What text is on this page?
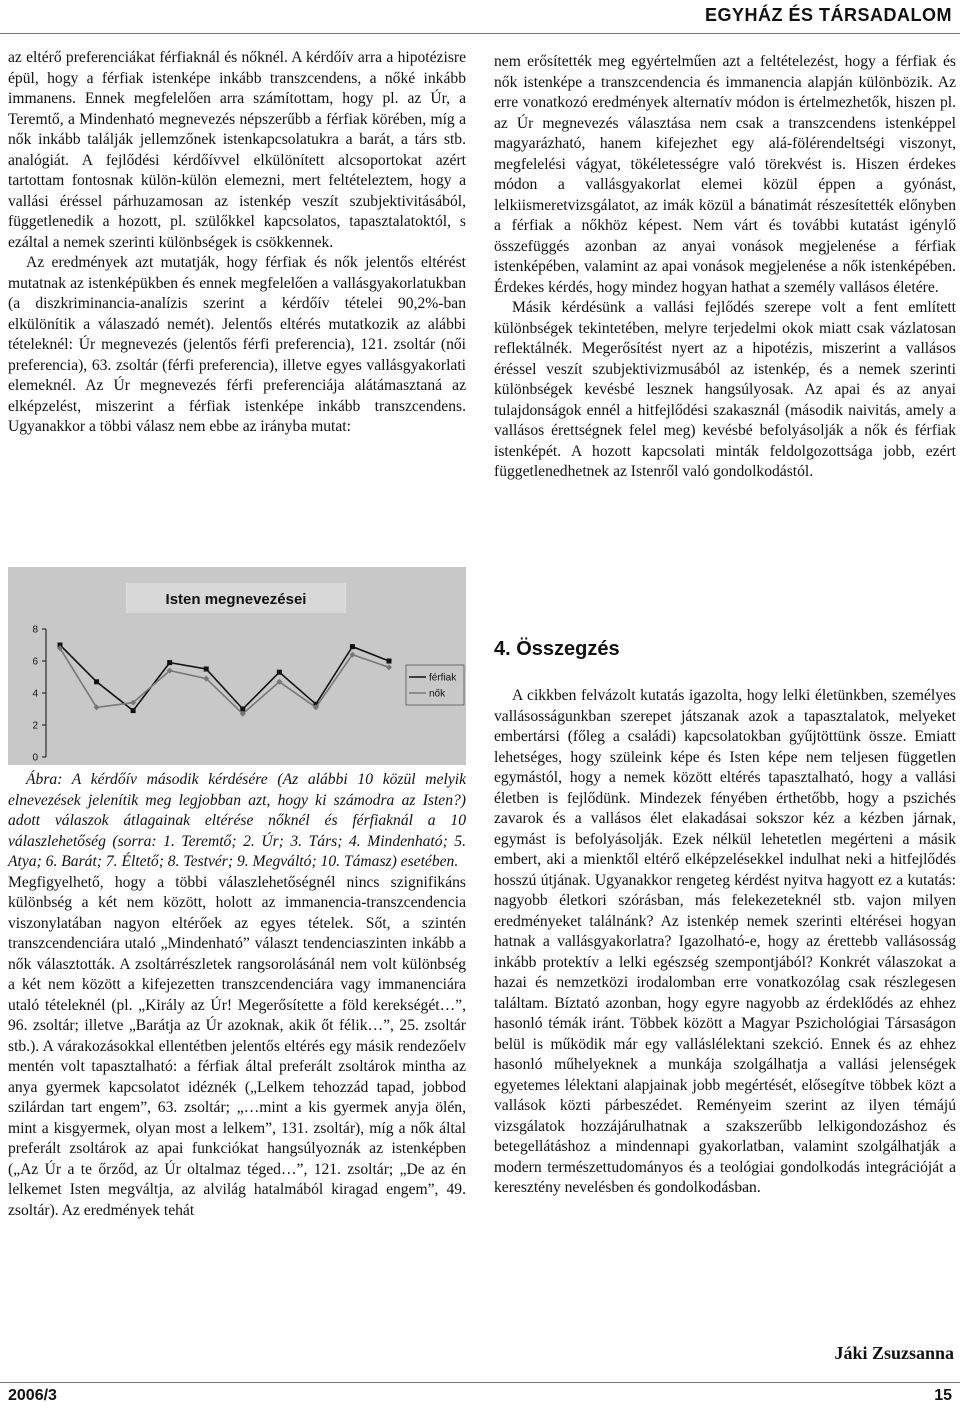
EGYHÁZ ÉS TÁRSADALOM

az eltérő preferenciákat férfiaknál és nőknél. A kérdőív arra a hipotézisre épül, hogy a férfiak istenképe inkább transzcendens, a nőké inkább immanens. Ennek megfelelően arra számítottam, hogy pl. az Úr, a Teremtő, a Mindenható megnevezés népszerűbb a férfiak körében, míg a nők inkább találják jellemzőnek istenkapcsolatukra a barát, a társ stb. analógiát. A fejlődési kérdőívvel elkülönített alcsoportokat azért tartottam fontosnak külön-külön elemezni, mert feltételeztem, hogy a vallási éréssel párhuzamosan az istenkép veszít szubjektivitásából, függetlenedik a hozott, pl. szülőkkel kapcsolatos, tapasztalatoktól, s ezáltal a nemek szerinti különbségek is csökkennek.

Az eredmények azt mutatják, hogy férfiak és nők jelentős eltérést mutatnak az istenképükben és ennek megfelelően a vallásgyakorlatukban (a diszkriminancia-analízis szerint a kérdőív tételei 90,2%-ban elkülönítik a válaszadó nemét). Jelentős eltérés mutatkozik az alábbi tételeknél: Úr megnevezés (jelentős férfi preferencia), 121. zsoltár (női preferencia), 63. zsoltár (férfi preferencia), illetve egyes vallásgyakorlati elemeknél. Az Úr megnevezés férfi preferenciája alátámasztaná az elképzelést, miszerint a férfiak istenképe inkább transzcendens. Ugyanakkor a többi válasz nem ebbe az irányba mutat:

Isten megnevezései
0
2
4
6
8
férfiak
nők

Ábra: A kérdőív második kérdésére (Az alábbi 10 közül melyik elnevezések jelenítik meg legjobban azt, hogy ki számodra az Isten?) adott válaszok átlagainak eltérése nőknél és férfiaknál a 10 válaszlehetőség (sorra: 1. Teremtő; 2. Úr; 3. Társ; 4. Mindenható; 5. Atya; 6. Barát; 7. Éltető; 8. Testvér; 9. Megváltó; 10. Támasz) esetében.

Megfigyelhető, hogy a többi válaszlehetőségnél nincs szignifikáns különbség a két nem között, holott az immanencia-transzcendencia viszonylatában nagyon eltérőek az egyes tételek. Sőt, a szintén transzcendenciára utaló „Mindenható” választ tendenciaszinten inkább a nők választották. A zsoltárrészletek rangsorolásánál nem volt különbség a két nem között a kifejezetten transzcendenciára vagy immanenciára utaló tételeknél (pl. „Király az Úr! Megerősítette a föld kerekségét…”, 96. zsoltár; illetve „Barátja az Úr azoknak, akik őt félik…”, 25. zsoltár stb.). A várakozásokkal ellentétben jelentős eltérés egy másik rendezőelv mentén volt tapasztalható: a férfiak által preferált zsoltárok mintha az anya gyermek kapcsolatot idéznék („Lelkem tehozzád tapad, jobbod szilárdan tart engem”, 63. zsoltár; „…mint a kis gyermek anyja ölén, mint a kisgyermek, olyan most a lelkem”, 131. zsoltár), míg a nők által preferált zsoltárok az apai funkciókat hangsúlyoznák az istenképben („Az Úr a te őrződ, az Úr oltalmaz téged…”, 121. zsoltár; „De az én lelkemet Isten megváltja, az alvilág hatalmából kiragad engem”, 49. zsoltár). Az eredmények tehát

nem erősítették meg egyértelműen azt a feltételezést, hogy a férfiak és nők istenképe a transzcendencia és immanencia alapján különbözik. Az erre vonatkozó eredmények alternatív módon is értelmezhetők, hiszen pl. az Úr megnevezés választása nem csak a transzcendens istenképpel magyarázható, hanem kifejezhet egy alá-fölérendeltségi viszonyt, megfelelési vágyat, tökéletességre való törekvést is. Hiszen érdekes módon a vallásgyakorlat elemei közül éppen a gyónást, lelkiismeretvizsgálatot, az imák közül a bánatimát részesítették előnyben a férfiak a nőkhöz képest. Nem várt és további kutatást igénylő összefüggés azonban az anyai vonások megjelenése a férfiak istenképében, valamint az apai vonások megjelenése a nők istenképében. Érdekes kérdés, hogy mindez hogyan hathat a személy vallásos életére.

Másik kérdésünk a vallási fejlődés szerepe volt a fent említett különbségek tekintetében, melyre terjedelmi okok miatt csak vázlatosan reflektálnék. Megerősítést nyert az a hipotézis, miszerint a vallásos éréssel veszít szubjektivizmusából az istenkép, és a nemek szerinti különbségek kevésbé lesznek hangsúlyosak. Az apai és az anyai tulajdonságok ennél a hitfejlődési szakasznál (második naivitás, amely a vallásos érettségnek felel meg) kevésbé befolyásolják a nők és férfiak istenképét. A hozott kapcsolati minták feldolgozottsága jobb, ezért függetlenedhetnek az Istenről való gondolkodástól.

4. Összegzés

A cikkben felvázolt kutatás igazolta, hogy lelki életünkben, személyes vallásosságunkban szerepet játszanak azok a tapasztalatok, melyeket embertársi (főleg a családi) kapcsolatokban gyűjtöttünk össze. Emiatt lehetséges, hogy szüleink képe és Isten képe nem teljesen független egymástól, hogy a nemek között eltérés tapasztalható, hogy a vallási életben is fejlődünk. Mindezek fényében érthetőbb, hogy a pszichés zavarok és a vallásos élet elakadásai sokszor kéz a kézben járnak, egymást is befolyásolják. Ezek nélkül lehetetlen megérteni a másik embert, aki a mienktől eltérő elképzelésekkel indulhat neki a hitfejlődés hosszú útjának. Ugyanakkor rengeteg kérdést nyitva hagyott ez a kutatás: nagyobb életkori szórásban, más felekezeteknél stb. vajon milyen eredményeket találnánk? Az istenkép nemek szerinti eltérései hogyan hatnak a vallásgyakorlatra? Igazolható-e, hogy az érettebb vallásosság inkább protektív a lelki egészség szempontjából? Konkrét válaszokat a hazai és nemzetközi irodalomban erre vonatkozólag csak részlegesen találtam. Bíztató azonban, hogy egyre nagyobb az érdeklődés az ehhez hasonló témák iránt. Többek között a Magyar Pszichológiai Társaságon belül is működik már egy valláslélektani szekció. Ennek és az ehhez hasonló műhelyeknek a munkája szolgálhatja a vallási jelenségek egyetemes lélektani alapjainak jobb megértését, elősegítve többek közt a vallások közti párbeszédet. Reményeim szerint az ilyen témájú vizsgálatok hozzájárulhatnak a szakszerűbb lelkigondozáshoz és betegellátáshoz a mindennapi gyakorlatban, valamint szolgálhatják a modern természettudományos és a teológiai gondolkodás integrációját a keresztény nevelésben és gondolkodásban.

Jáki Zsuzsanna
2006/3	15
